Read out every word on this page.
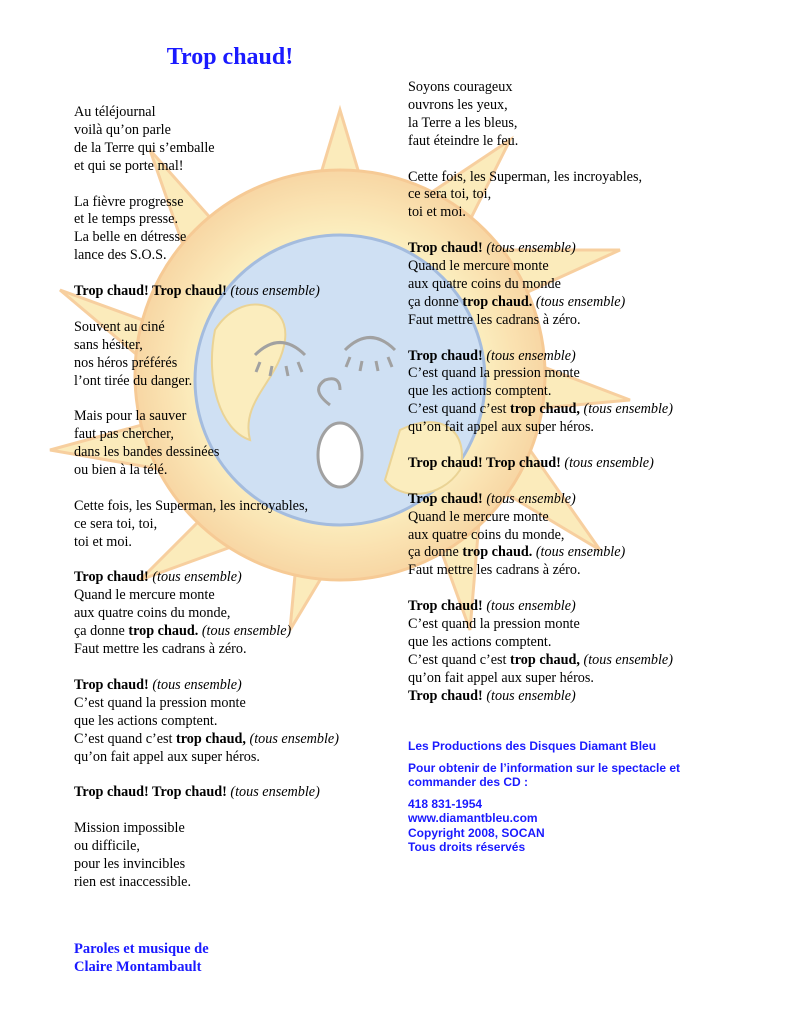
Trop chaud!
Au téléjournal
voilà qu’on parle
de la Terre qui s’emballe
et qui se porte mal!
La fièvre progresse
et le temps presse.
La belle en détresse
lance des S.O.S.
Trop chaud! Trop chaud! (tous ensemble)
Souvent au ciné
sans hésiter,
nos héros préférés
l’ont tirée du danger.
Mais pour la sauver
faut pas chercher,
dans les bandes dessinées
ou bien à la télé.
Cette fois, les Superman, les incroyables,
ce sera toi, toi,
toi et moi.
Trop chaud! (tous ensemble)
Quand le mercure monte
aux quatre coins du monde,
ça donne trop chaud. (tous ensemble)
Faut mettre les cadrans à zéro.
Trop chaud! (tous ensemble)
C’est quand la pression monte
que les actions comptent.
C’est quand c’est trop chaud, (tous ensemble)
qu’on fait appel aux super héros.
Trop chaud! Trop chaud! (tous ensemble)
Mission impossible
ou difficile,
pour les invincibles
rien est inaccessible.
Soyons courageux
ouvrons les yeux,
la Terre a les bleus,
faut éteindre le feu.
Cette fois, les Superman, les incroyables,
ce sera toi, toi,
toi et moi.
Trop chaud! (tous ensemble)
Quand le mercure monte
aux quatre coins du monde
ça donne trop chaud. (tous ensemble)
Faut mettre les cadrans à zéro.
Trop chaud! (tous ensemble)
C’est quand la pression monte
que les actions comptent.
C’est quand c’est trop chaud, (tous ensemble)
qu’on fait appel aux super héros.
Trop chaud! Trop chaud! (tous ensemble)
Trop chaud! (tous ensemble)
Quand le mercure monte
aux quatre coins du monde,
ça donne trop chaud. (tous ensemble)
Faut mettre les cadrans à zéro.
Trop chaud! (tous ensemble)
C’est quand la pression monte
que les actions comptent.
C’est quand c’est trop chaud, (tous ensemble)
qu’on fait appel aux super héros.
Trop chaud! (tous ensemble)
Paroles et musique de
Claire Montambault
Les Productions des Disques Diamant Bleu
Pour obtenir de l’information sur le spectacle et
commander des CD :
418 831-1954
www.diamantbleu.com
Copyright 2008, SOCAN
Tous droits réservés
